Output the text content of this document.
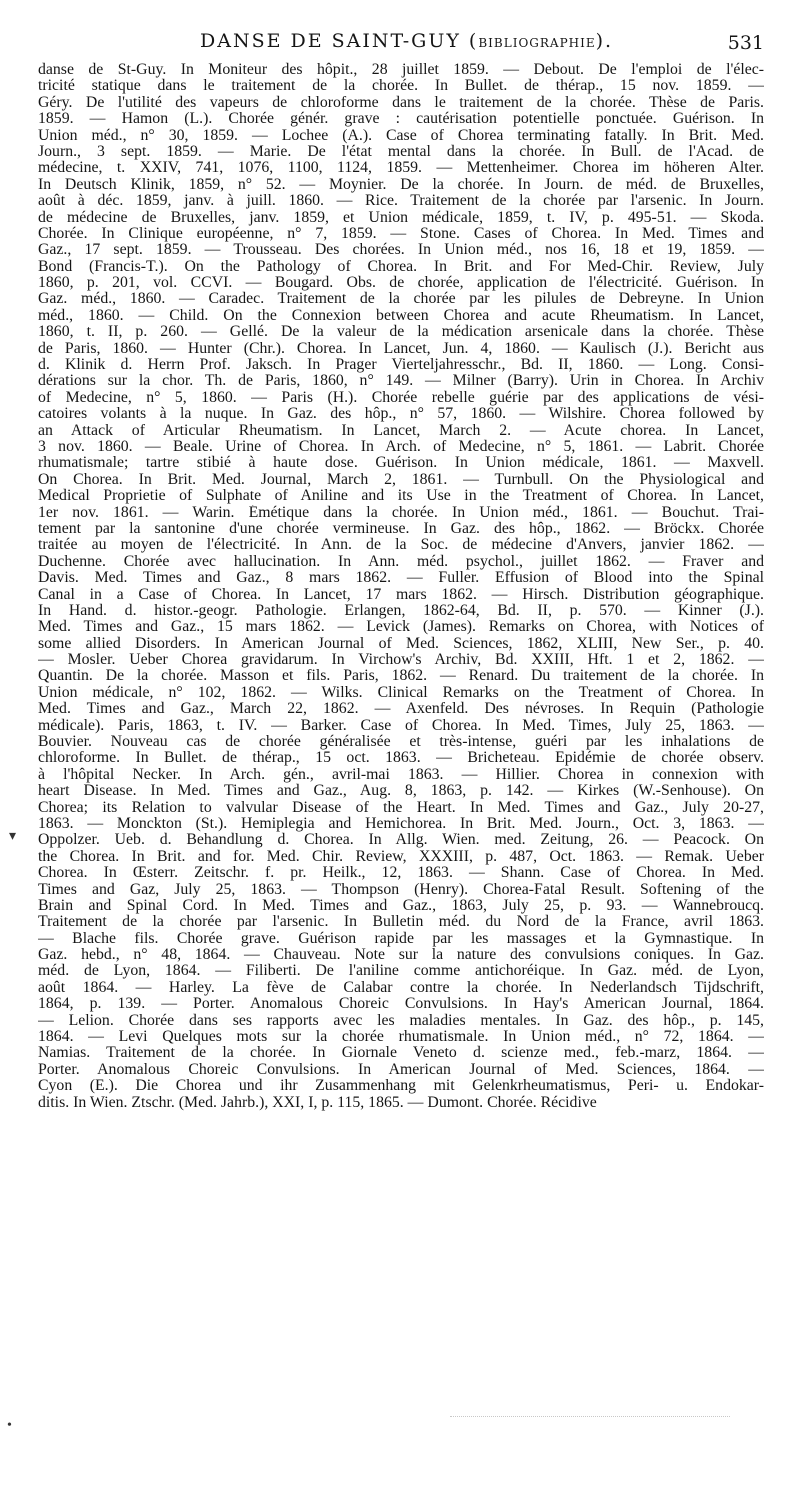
DANSE DE SAINT-GUY (BIBLIOGRAPHIE).	531
danse de St-Guy. In Moniteur des hôpit., 28 juillet 1859. — Debout. De l'emploi de l'élec-
tricité statique dans le traitement de la chorée. In Bullet. de thérap., 15 nov. 1859. —
Géry. De l'utilité des vapeurs de chloroforme dans le traitement de la chorée. Thèse de Paris.
1859. — Hamon (L.). Chorée génér. grave : cautérisation potentielle ponctuée. Guérison. In
Union méd., n° 30, 1859. — Lochee (A.). Case of Chorea terminating fatally. In Brit. Med.
Journ., 3 sept. 1859. — Marie. De l'état mental dans la chorée. In Bull. de l'Acad. de
médecine, t. XXIV, 741, 1076, 1100, 1124, 1859. — Mettenheimer. Chorea im höheren Alter.
In Deutsch Klinik, 1859, n° 52. — Moynier. De la chorée. In Journ. de méd. de Bruxelles,
août à déc. 1859, janv. à juill. 1860. — Rice. Traitement de la chorée par l'arsenic. In Journ.
de médecine de Bruxelles, janv. 1859, et Union médicale, 1859, t. IV, p. 495-51. — Skoda.
Chorée. In Clinique européenne, n° 7, 1859. — Stone. Cases of Chorea. In Med. Times and
Gaz., 17 sept. 1859. — Trousseau. Des chorées. In Union méd., nos 16, 18 et 19, 1859. —
Bond (Francis-T.). On the Pathology of Chorea. In Brit. and For Med-Chir. Review, July
1860, p. 201, vol. CCVI. — Bougard. Obs. de chorée, application de l'électricité. Guérison. In
Gaz. méd., 1860. — Caradec. Traitement de la chorée par les pilules de Debreyne. In Union
méd., 1860. — Child. On the Connexion between Chorea and acute Rheumatism. In Lancet,
1860, t. II, p. 260. — Gellé. De la valeur de la médication arsenicale dans la chorée. Thèse
de Paris, 1860. — Hunter (Chr.). Chorea. In Lancet, Jun. 4, 1860. — Kaulisch (J.). Bericht aus
d. Klinik d. Herrn Prof. Jaksch. In Prager Vierteljahresschr., Bd. II, 1860. — Long. Consi-
dérations sur la chor. Th. de Paris, 1860, n° 149. — Milner (Barry). Urin in Chorea. In Archiv
of Medecine, n° 5, 1860. — Paris (H.). Chorée rebelle guérie par des applications de vési-
catoires volants à la nuque. In Gaz. des hôp., n° 57, 1860. — Wilshire. Chorea followed by
an Attack of Articular Rheumatism. In Lancet, March 2. — Acute chorea. In Lancet,
3 nov. 1860. — Beale. Urine of Chorea. In Arch. of Medecine, n° 5, 1861. — Labrit. Chorée
rhumatismale; tartre stibié à haute dose. Guérison. In Union médicale, 1861. — Maxvell.
On Chorea. In Brit. Med. Journal, March 2, 1861. — Turnbull. On the Physiological and
Medical Proprietie of Sulphate of Aniline and its Use in the Treatment of Chorea. In Lancet,
1er nov. 1861. — Warin. Émétique dans la chorée. In Union méd., 1861. — Bouchut. Trai-
tement par la santonine d'une chorée vermineuse. In Gaz. des hôp., 1862. — Bröckx. Chorée
traitée au moyen de l'électricité. In Ann. de la Soc. de médecine d'Anvers, janvier 1862. —
Duchenne. Chorée avec hallucination. In Ann. méd. psychol., juillet 1862. — Fraver and
Davis. Med. Times and Gaz., 8 mars 1862. — Fuller. Effusion of Blood into the Spinal
Canal in a Case of Chorea. In Lancet, 17 mars 1862. — Hirsch. Distribution géographique.
In Hand. d. histor.-geogr. Pathologie. Erlangen, 1862-64, Bd. II, p. 570. — Kinner (J.).
Med. Times and Gaz., 15 mars 1862. — Levick (James). Remarks on Chorea, with Notices of
some allied Disorders. In American Journal of Med. Sciences, 1862, XLIII, New Ser., p. 40.
— Mosler. Ueber Chorea gravidarum. In Virchow's Archiv, Bd. XXIII, Hft. 1 et 2, 1862. —
Quantin. De la chorée. Masson et fils. Paris, 1862. — Renard. Du traitement de la chorée. In
Union médicale, n° 102, 1862. — Wilks. Clinical Remarks on the Treatment of Chorea. In
Med. Times and Gaz., March 22, 1862. — Axenfeld. Des névroses. In Requin (Pathologie
médicale). Paris, 1863, t. IV. — Barker. Case of Chorea. In Med. Times, July 25, 1863. —
Bouvier. Nouveau cas de chorée généralisée et très-intense, guéri par les inhalations de
chloroforme. In Bullet. de thérap., 15 oct. 1863. — Bricheteau. Epidémie de chorée observ.
à l'hôpital Necker. In Arch. gén., avril-mai 1863. — Hillier. Chorea in connexion with
heart Disease. In Med. Times and Gaz., Aug. 8, 1863, p. 142. — Kirkes (W.-Senhouse). On
Chorea; its Relation to valvular Disease of the Heart. In Med. Times and Gaz., July 20-27,
1863. — Monckton (St.). Hemiplegia and Hemichorea. In Brit. Med. Journ., Oct. 3, 1863. —
Oppolzer. Ueb. d. Behandlung d. Chorea. In Allg. Wien. med. Zeitung, 26. — Peacock. On
the Chorea. In Brit. and for. Med. Chir. Review, XXXIII, p. 487, Oct. 1863. — Remak. Ueber
Chorea. In Œsterr. Zeitschr. f. pr. Heilk., 12, 1863. — Shann. Case of Chorea. In Med.
Times and Gaz, July 25, 1863. — Thompson (Henry). Chorea-Fatal Result. Softening of the
Brain and Spinal Cord. In Med. Times and Gaz., 1863, July 25, p. 93. — Wannebroucq.
Traitement de la chorée par l'arsenic. In Bulletin méd. du Nord de la France, avril 1863.
— Blache fils. Chorée grave. Guérison rapide par les massages et la Gymnastique. In
Gaz. hebd., n° 48, 1864. — Chauveau. Note sur la nature des convulsions coniques. In Gaz.
méd. de Lyon, 1864. — Filiberti. De l'aniline comme antichoréique. In Gaz. méd. de Lyon,
août 1864. — Harley. La fève de Calabar contre la chorée. In Nederlandsch Tijdschrift,
1864, p. 139. — Porter. Anomalous Choreic Convulsions. In Hay's American Journal, 1864.
— Lelion. Chorée dans ses rapports avec les maladies mentales. In Gaz. des hôp., p. 145,
1864. — Levi Quelques mots sur la chorée rhumatismale. In Union méd., n° 72, 1864. —
Namias. Traitement de la chorée. In Giornale Veneto d. scienze med., feb.-marz, 1864. —
Porter. Anomalous Choreic Convulsions. In American Journal of Med. Sciences, 1864. —
Cyon (E.). Die Chorea und ihr Zusammenhang mit Gelenkrheumatismus, Peri- u. Endokar-
ditis. In Wien. Ztschr. (Med. Jahrb.), XXI, I, p. 115, 1865. — Dumont. Chorée. Récidive
▾
•
